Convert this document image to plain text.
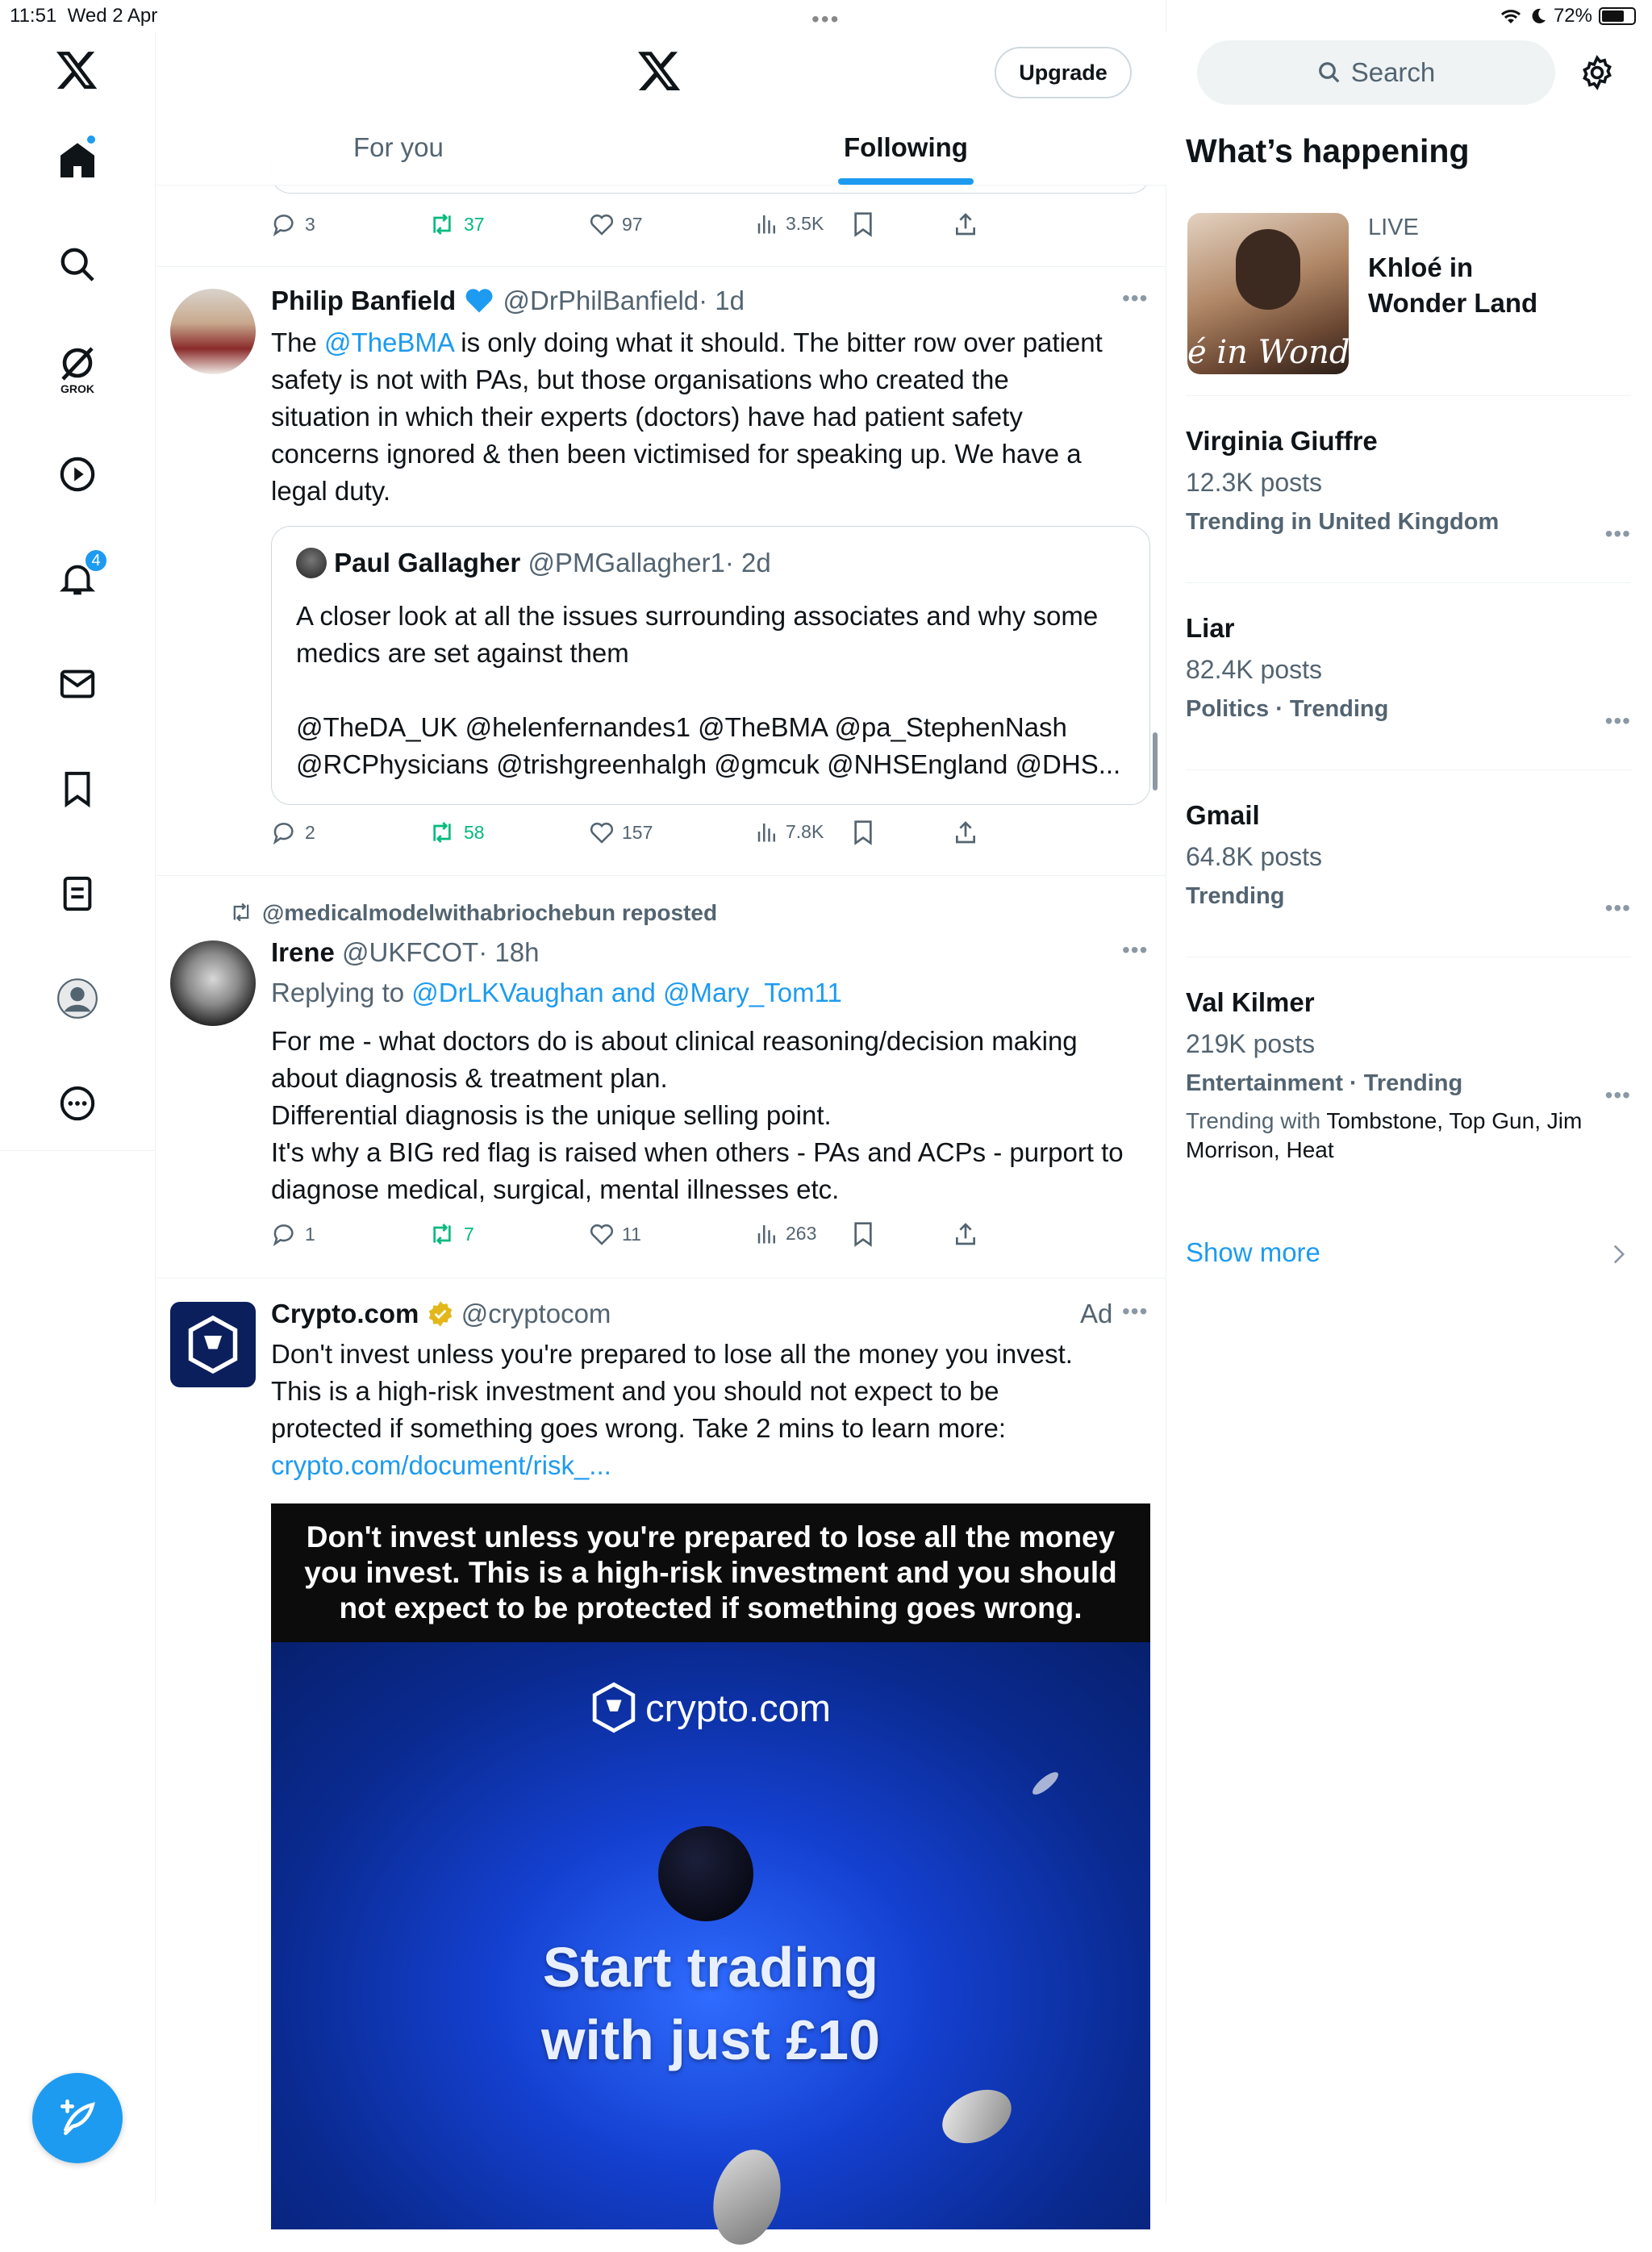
11:51 Wed 2 Apr	•••	72%
GROK
4
Upgrade
For you	Following
3	37	97	3.5K
Philip Banfield @DrPhilBanfield· 1d	•••
The @TheBMA is only doing what it should. The bitter row over patient
safety is not with PAs, but those organisations who created the
situation in which their experts (doctors) have had patient safety
concerns ignored & then been victimised for speaking up. We have a
legal duty.
Paul Gallagher @PMGallagher1· 2d
A closer look at all the issues surrounding associates and why some
medics are set against them
@TheDA_UK @helenfernandes1 @TheBMA @pa_StephenNash
@RCPhysicians @trishgreenhalgh @gmcuk @NHSEngland @DHS...
2	58	157	7.8K
@medicalmodelwithabriochebun reposted
Irene @UKFCOT· 18h	•••
Replying to @DrLKVaughan and @Mary_Tom11
For me - what doctors do is about clinical reasoning/decision making
about diagnosis & treatment plan.
Differential diagnosis is the unique selling point.
It's why a BIG red flag is raised when others - PAs and ACPs - purport to
diagnose medical, surgical, mental illnesses etc.
1	7	11	263
Crypto.com @cryptocom	Ad •••
Don't invest unless you're prepared to lose all the money you invest.
This is a high-risk investment and you should not expect to be
protected if something goes wrong. Take 2 mins to learn more:
crypto.com/document/risk_...
Don't invest unless you're prepared to lose all the money
you invest. This is a high-risk investment and you should
not expect to be protected if something goes wrong.
crypto.com
Start trading
with just £10
Search
What’s happening
é in Wonder l
LIVE
Khloé in
Wonder Land
Virginia Giuffre
12.3K posts
Trending in United Kingdom	•••
Liar
82.4K posts
Politics · Trending	•••
Gmail
64.8K posts
Trending	•••
Val Kilmer
219K posts
Entertainment · Trending
Trending with Tombstone, Top Gun, Jim
Morrison, Heat
•••
Show more
